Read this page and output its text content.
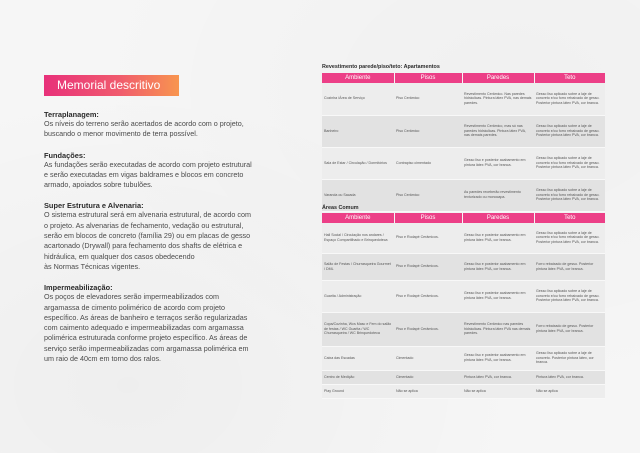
Memorial descritivo
Terraplanagem:
Os níveis do terreno serão acertados de acordo com o projeto,
buscando o menor movimento de terra possível.
Fundações:
As fundações serão executadas de acordo com projeto estrutural
e serão executadas em vigas baldrames e blocos em concreto
armado, apoiados sobre tubulões.
Super Estrutura e Alvenaria:
O sistema estrutural será em alvenaria estrutural, de acordo com
o projeto. As alvenarias de fechamento, vedação ou estrutural,
serão em blocos de concreto (família 29) ou em placas de gesso
acartonado (Drywall) para fechamento dos shafts de elétrica e
hidráulica, em qualquer dos casos obedecendo
às Normas Técnicas vigentes.
Impermeabilização:
Os poços de elevadores serão impermeabilizados com
argamassa de cimento polimérico de acordo com projeto
específico. As áreas de banheiro e terraços serão regularizadas
com caimento adequado e impermeabilizadas com argamassa
polimérica estruturada conforme projeto específico. As áreas de
serviço serão impermeabilizadas com argamassa polimérica em
um raio de 40cm em torno dos ralos.
Revestimento parede/piso/teto: Apartamentos
Ambiente	Pisos	Paredes	Teto
Cozinha /Área de Serviço	Piso Cerâmico	Revestimento Cerâmico. Nas paredes hidráulicas. Pintura látex PVA, nas demais paredes.	Gesso liso aplicado sobre a laje de concreto e/ou forro rebaixado de gesso. Posterior pintura látex PVA, cor branca.
Banheiro	Piso Cerâmico	Revestimento Cerâmico, mas só nas paredes hidráulicas. Pintura látex PVA, nas demais paredes.	Gesso liso aplicado sobre a laje de concreto e/ou forro rebaixado de gesso. Posterior pintura látex PVA, cor branca.
Sala de Estar / Circulação / Dormitórios	Contrapiso cimentado	Gesso liso e posterior acabamento em pintura látex PVA, cor branca.	Gesso liso aplicado sobre a laje de concreto e/ou forro rebaixado de gesso. Posterior pintura látex PVA, cor branca.
Varanda ou Sacada	Piso Cerâmico	As paredes receberão revestimento texturizado ou monocapa.	Gesso liso aplicado sobre a laje de concreto e/ou forro rebaixado de gesso. Posterior pintura látex PVA, cor branca.
Áreas Comum
Ambiente	Pisos	Paredes	Teto
Hall Social / Circulação nos andares / Espaço Compartilhado e Brinquedoteca	Piso e Rodapé Cerâmicos.	Gesso liso e posterior acabamento em pintura látex PVA, cor branca.	Gesso liso aplicado sobre a laje de concreto e/ou forro rebaixado de gesso. Posterior pintura látex PVA, cor branca.
Salão de Festas / Churrasqueira Gourmet / DML	Piso e Rodapé Cerâmicos.	Gesso liso e posterior acabamento em pintura látex PVA, cor branca.	Forro rebaixado de gesso. Posterior pintura látex PVA, cor branca.
Guarita / Administração	Piso e Rodapé Cerâmicos.	Gesso liso e posterior acabamento em pintura látex PVA, cor branca.	Gesso liso aplicado sobre a laje de concreto e/ou forro rebaixado de gesso. Posterior pintura látex PVA, cor branca.
Copa/Cozinha, Wcs Masc e Fem do salão de festas / WC Guarita / WC Churrasqueira / WC Brinquedoteca	Piso e Rodapé Cerâmicos.	Revestimento Cerâmico nas paredes hidráulicas. Pintura látex PVA nas demais paredes.	Forro rebaixado de gesso. Posterior pintura látex PVA, cor branca.
Caixa das Escadas	Cimentado	Gesso liso e posterior acabamento em pintura látex PVA, cor branca.	Gesso liso aplicado sobre a laje de concreto. Posterior pintura látex, cor branca.
Centro de Medição	Cimentado	Pintura látex PVA, cor branca.	Pintura látex PVA, cor branca.
Play Ground	Não se aplica	Não se aplica	Não se aplica
